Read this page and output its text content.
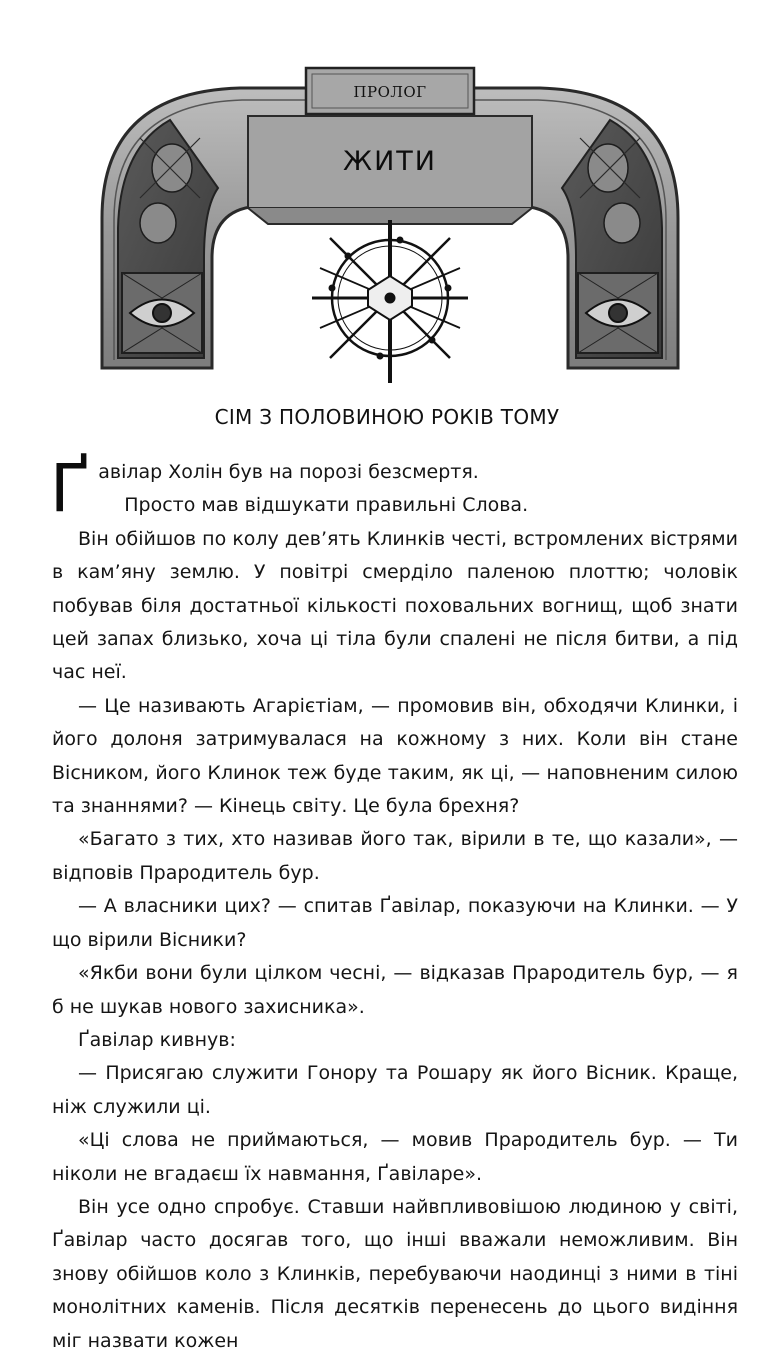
ПРОЛОГ
ЖИТИ
СІМ З ПОЛОВИНОЮ РОКІВ ТОМУ

Ґавілар Холін був на порозі безсмертя.

Просто мав відшукати правильні Слова.

Він обійшов по колу дев’ять Клинків честі, встромлених вістрями в кам’яну землю. У повітрі смерділо паленою плоттю; чоловік побував біля достатньої кількості поховальних вогнищ, щоб знати цей запах близько, хоча ці тіла були спалені не після битви, а під час неї.

— Це називають Агарієтіам, — промовив він, обходячи Клинки, і його долоня затримувалася на кожному з них. Коли він стане Вісником, його Клинок теж буде таким, як ці, — наповненим силою та знаннями? — Кінець світу. Це була брехня?

«Багато з тих, хто називав його так, вірили в те, що казали», — відповів Прародитель бур.

— А власники цих? — спитав Ґавілар, показуючи на Клинки. — У що вірили Вісники?

«Якби вони були цілком чесні, — відказав Прародитель бур, — я б не шукав нового захисника».

Ґавілар кивнув:

— Присягаю служити Гонору та Рошару як його Вісник. Краще, ніж служили ці.

«Ці слова не приймаються, — мовив Прародитель бур. — Ти ніколи не вгадаєш їх навмання, Ґавіларе».

Він усе одно спробує. Ставши найвпливовішою людиною у світі, Ґавілар часто досягав того, що інші вважали неможливим. Він знову обійшов коло з Клинків, перебуваючи наодинці з ними в тіні монолітних каменів. Після десятків перенесень до цього видіння міг назвати кожен
